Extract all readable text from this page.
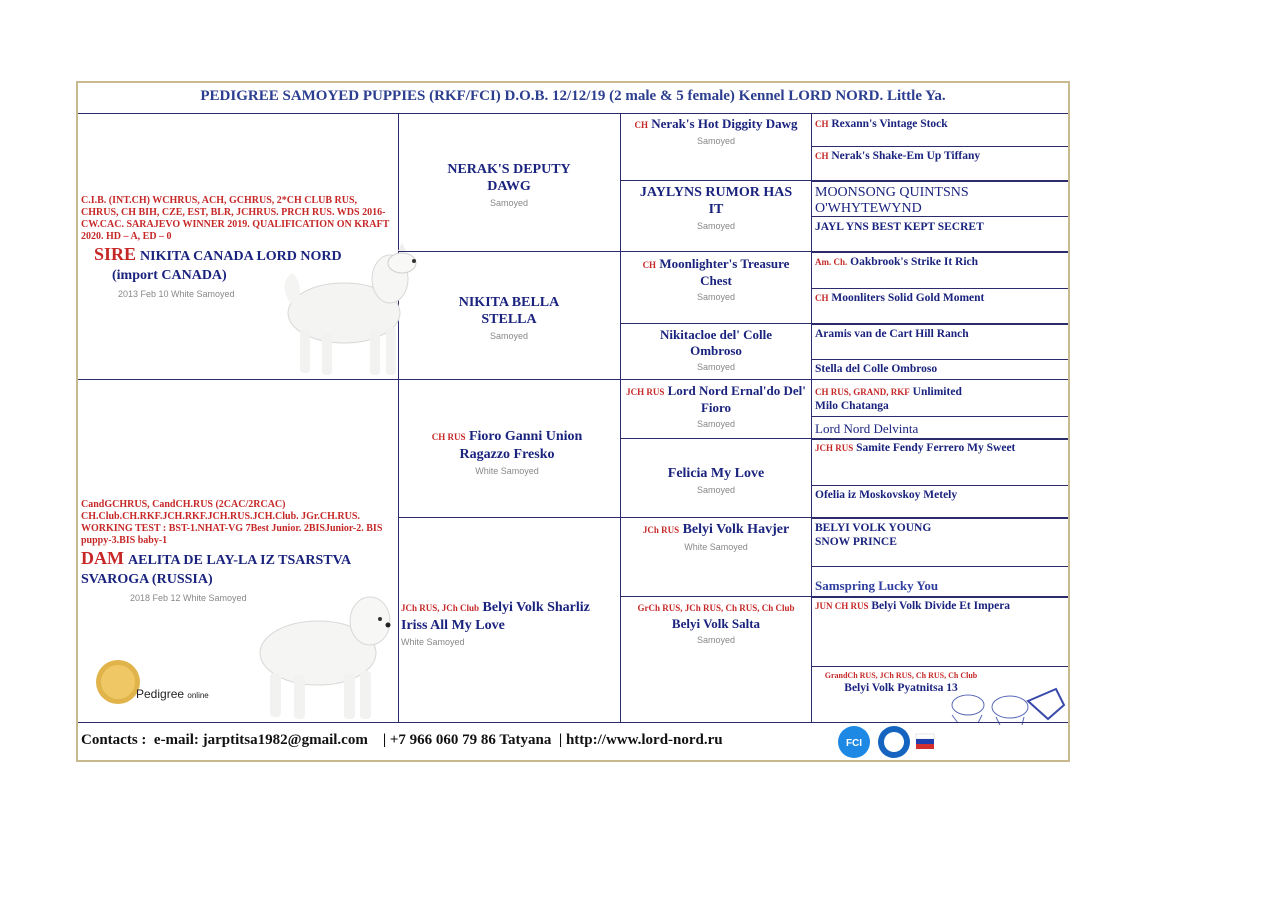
PEDIGREE SAMOYED PUPPIES (RKF/FCI) D.O.B. 12/12/19 (2 male & 5 female) Kennel LORD NORD. Little Ya.
C.I.B. (INT.CH) WCHRUS, ACH, GCHRUS, 2*CH CLUB RUS, CHRUS, CH BIH, CZE, EST, BLR, JCHRUS. PRCH RUS. WDS 2016-CW.CAC. SARAJEVO WINNER 2019. QUALIFICATION ON KRAFT 2020. HD – A, ED – 0
SIRE NIKITA CANADA LORD NORD
(import CANADA)
2013 Feb 10 White Samoyed
CandGCHRUS, CandCH.RUS (2CAC/2RCAC) CH.Club.CH.RKF.JCH.RKF.JCH.RUS.JCH.Club. JGr.CH.RUS. WORKING TEST : BST-1.NHAT-VG 7Best Junior. 2BISJunior-2. BIS puppy-3.BIS baby-1
DAM AELITA DE LAY-LA IZ TSARSTVA SVAROGA (RUSSIA)
2018 Feb 12 White Samoyed
Pedigree online
NERAK'S DEPUTY DAWG
Samoyed
NIKITA BELLA STELLA
Samoyed
CH RUS Fioro Ganni Union Ragazzo Fresko
White Samoyed
JCh RUS, JCh Club Belyi Volk Sharliz Iriss All My Love
White Samoyed
CH Nerak's Hot Diggity Dawg
Samoyed
JAYLYNS RUMOR HAS IT
Samoyed
CH Moonlighter's Treasure Chest
Samoyed
Nikitacloe del' Colle Ombroso
Samoyed
JCH RUS Lord Nord Ernal'do Del' Fioro
Samoyed
Felicia My Love
Samoyed
JCh RUS Belyi Volk Havjer
White Samoyed
GrCh RUS, JCh RUS, Ch RUS, Ch Club Belyi Volk Salta
Samoyed
CH Rexann's Vintage Stock
CH Nerak's Shake-Em Up Tiffany
MOONSONG QUINTSNS O'WHYTEWYND
JAYL YNS BEST KEPT SECRET
Am. Ch. Oakbrook's Strike It Rich
CH Moonliters Solid Gold Moment
Aramis van de Cart Hill Ranch
Stella del Colle Ombroso
CH RUS, GRAND, RKF Unlimited Milo Chatanga
Lord Nord Delvinta
JCH RUS Samite Fendy Ferrero My Sweet
Ofelia iz Moskovskoy Metely
BELYI VOLK YOUNG SNOW PRINCE
Samspring Lucky You
JUN CH RUS Belyi Volk Divide Et Impera
GrandCh RUS, JCh RUS, Ch RUS, Ch Club
Belyi Volk Pyatnitsa 13
Contacts : e-mail: jarptitsa1982@gmail.com    | +7 966 060 79 86 Tatyana  | http://www.lord-nord.ru	FCI
